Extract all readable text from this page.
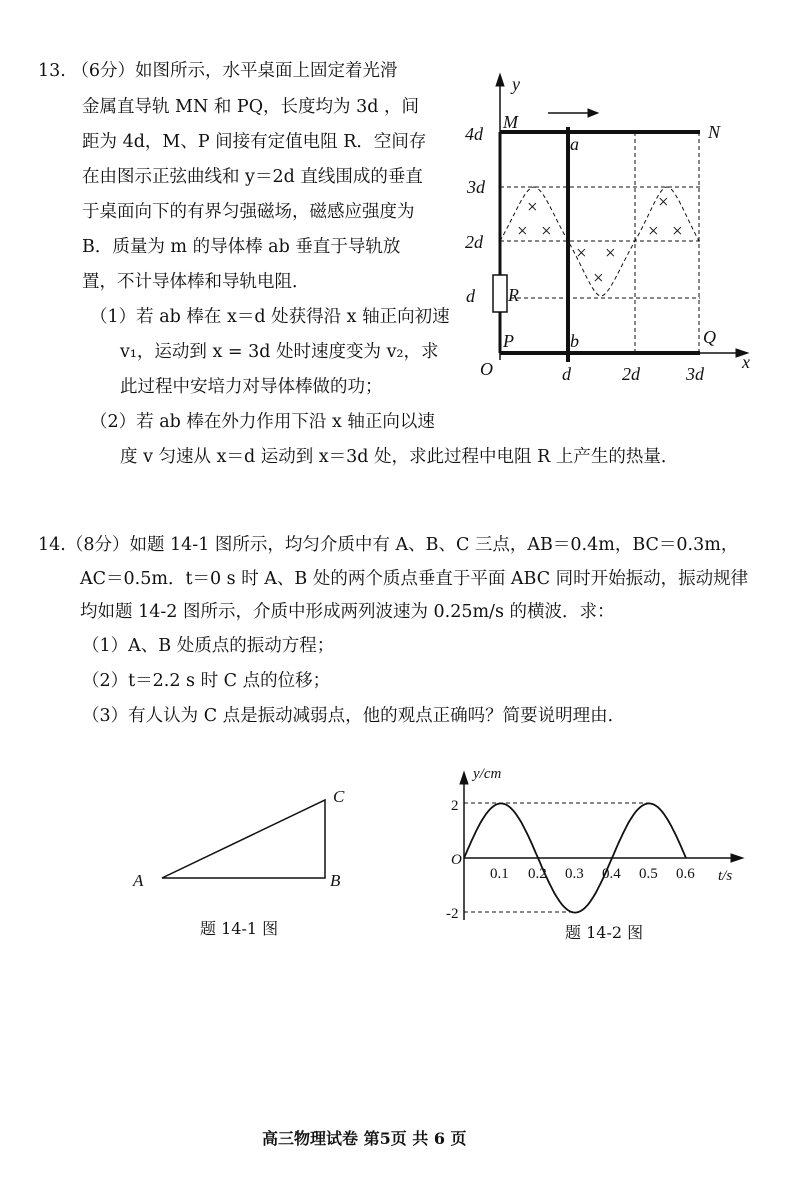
13. （6分）如图所示，水平桌面上固定着光滑
金属直导轨 MN 和 PQ，长度均为 3d ，间
距为 4d，M、P 间接有定值电阻 R．空间存
在由图示正弦曲线和 y＝2d 直线围成的垂直
于桌面向下的有界匀强磁场，磁感应强度为
B．质量为 m 的导体棒 ab 垂直于导轨放
置，不计导体棒和导轨电阻．
（1）若 ab 棒在 x＝d 处获得沿 x 轴正向初速
v₁，运动到 x = 3d 处时速度变为 v₂，求
此过程中安培力对导体棒做的功；
（2）若 ab 棒在外力作用下沿 x 轴正向以速
度 v 匀速从 x＝d 运动到 x＝3d 处，求此过程中电阻 R 上产生的热量．
×
× ×
× ×
×
×
× ×
y
M	N
a
R
P	b	Q
O	x
4d
3d
2d
d
d	2d	3d
14.（8分）如题 14-1 图所示，均匀介质中有 A、B、C 三点，AB＝0.4m，BC＝0.3m，
AC＝0.5m．t＝0 s 时 A、B 处的两个质点垂直于平面 ABC 同时开始振动，振动规律
均如题 14-2 图所示，介质中形成两列波速为 0.25m/s 的横波．求：
（1）A、B 处质点的振动方程；
（2）t＝2.2 s 时 C 点的位移；
（3）有人认为 C 点是振动减弱点，他的观点正确吗？简要说明理由．
A	B
C
题 14-1 图
y/cm
2
-2
O
0.1 0.2 0.3 0.4 0.5 0.6 t/s
题 14-2 图
高三物理试卷 第5页 共 6 页
